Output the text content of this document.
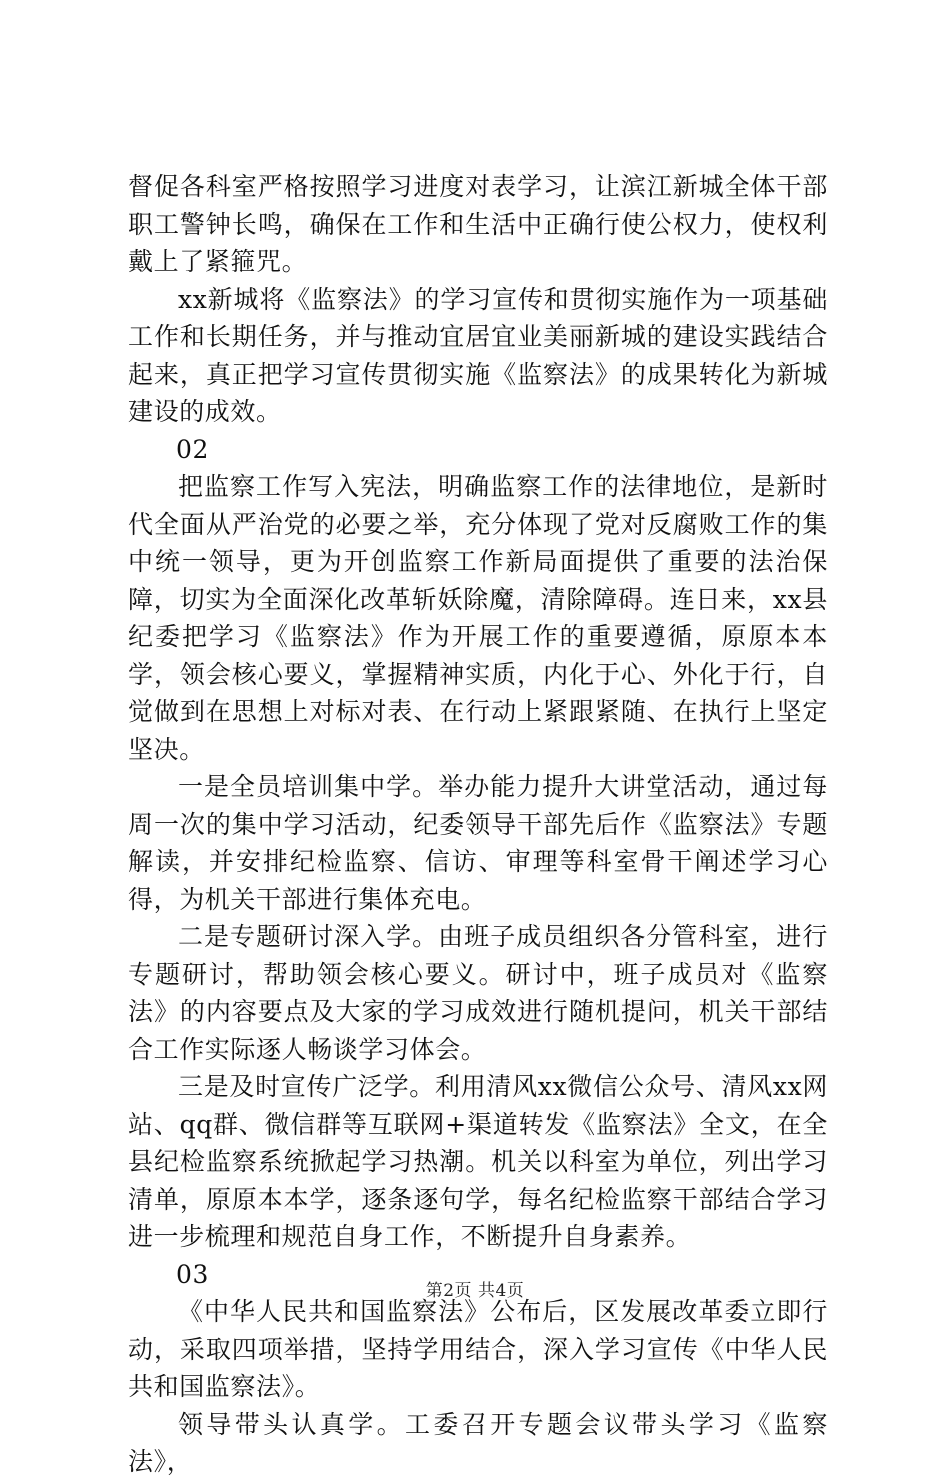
督促各科室严格按照学习进度对表学习，让滨江新城全体干部职工警钟长鸣，确保在工作和生活中正确行使公权力，使权利戴上了紧箍咒。

xx新城将《监察法》的学习宣传和贯彻实施作为一项基础工作和长期任务，并与推动宜居宜业美丽新城的建设实践结合起来，真正把学习宣传贯彻实施《监察法》的成果转化为新城建设的成效。

02

把监察工作写入宪法，明确监察工作的法律地位，是新时代全面从严治党的必要之举，充分体现了党对反腐败工作的集中统一领导，更为开创监察工作新局面提供了重要的法治保障，切实为全面深化改革斩妖除魔，清除障碍。连日来，xx县纪委把学习《监察法》作为开展工作的重要遵循，原原本本学，领会核心要义，掌握精神实质，内化于心、外化于行，自觉做到在思想上对标对表、在行动上紧跟紧随、在执行上坚定坚决。

一是全员培训集中学。举办能力提升大讲堂活动，通过每周一次的集中学习活动，纪委领导干部先后作《监察法》专题解读，并安排纪检监察、信访、审理等科室骨干阐述学习心得，为机关干部进行集体充电。

二是专题研讨深入学。由班子成员组织各分管科室，进行专题研讨，帮助领会核心要义。研讨中，班子成员对《监察法》的内容要点及大家的学习成效进行随机提问，机关干部结合工作实际逐人畅谈学习体会。

三是及时宣传广泛学。利用清风xx微信公众号、清风xx网站、qq群、微信群等互联网+渠道转发《监察法》全文，在全县纪检监察系统掀起学习热潮。机关以科室为单位，列出学习清单，原原本本学，逐条逐句学，每名纪检监察干部结合学习进一步梳理和规范自身工作，不断提升自身素养。

03

《中华人民共和国监察法》公布后，区发展改革委立即行动，采取四项举措，坚持学用结合，深入学习宣传《中华人民共和国监察法》。

领导带头认真学。工委召开专题会议带头学习《监察法》，

第2页 共4页
